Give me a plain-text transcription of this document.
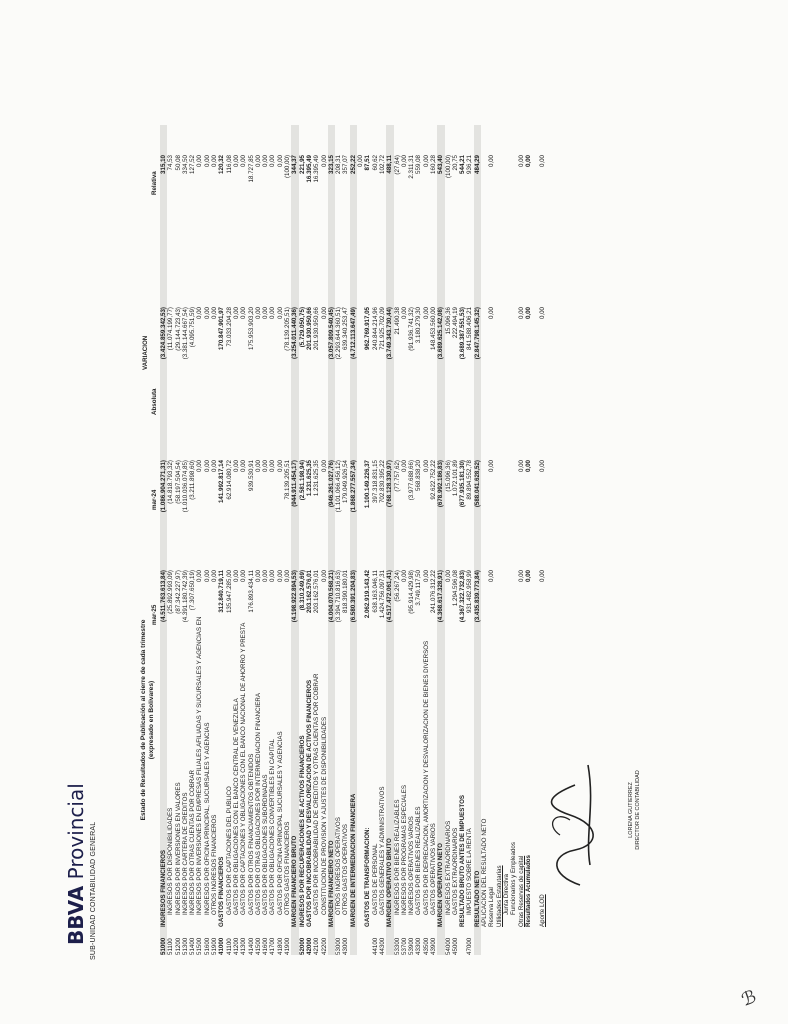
BBVA Provincial SUB-UNIDAD CONTABILIDAD GENERAL
ℬ
Estado de Resultados de Publicación al cierre de cada trimestre (expresado en Bolivares)
VARIACION
Absoluta
Relativa
mar-25
mar-24
51000
INGRESOS FINANCIEROS
(4.511.763.613,84)
(1.086.904.271,31)
(3.424.859.342,53)
315,10
51100
INGRESOS POR DISPONIBILIDADES
(25.892.993,09)
(14.818.793,32)
(11.074.199,77)
74,53
51200
INGRESOS POR INVERSIONES EN VALORES
(87.342.227,97)
(58.197.504,54)
(29.144.723,43)
50,08
51300
INGRESOS POR CARTERA DE CREDITOS
(4.391.180.742,39)
(1.010.036.074,85)
(3.381.144.667,54)
334,50
51400
INGRESOS POR OTRAS CUENTAS POR COBRAR
(7.307.650,19)
(3.211.898,60)
(4.095.751,59)
127,52
51500
INGRESOS POR INVERSIONES EN EMPRESAS FILIALES,AFILIADAS Y SUCURSALES Y AGENCIAS EN
0,00
0,00
0,00
0,00
51600
INGRESOS POR OFICINA PRINCIPAL, SUCURSALES Y AGENCIAS
0,00
0,00
0,00
0,00
51900
OTROS INGRESOS FINANCIEROS
0,00
0,00
0,00
0,00
41000
GASTOS FINANCIEROS
312.840.719,11
141.992.817,14
170.847.901,97
120,32
41100
GASTOS POR CAPTACIONES DEL PUBLICO
135.947.285,00
62.914.080,72
73.033.204,28
116,08
41200
GASTOS POR OBLIGACIONES CON EL BANCO CENTRAL DE VENEZUELA
0,00
0,00
0,00
0,00
41300
GASTOS POR CAPTACIONES Y OBLIGACIONES CON EL BANCO NACIONAL DE AHORRO Y PRESTA
0,00
0,00
0,00
0,00
41400
GASTOS POR OTROS FINANCIAMIENTOS OBTENIDOS
176.893.434,11
939.530,91
175.953.903,20
18.727,85
41500
GASTOS POR OTRAS OBLIGACIONES POR INTERMEDIACION FINANCIERA
0,00
0,00
0,00
0,00
41600
GASTOS POR OBLIGACIONES SUBORDINADAS
0,00
0,00
0,00
0,00
41700
GASTOS POR OBLIGACIONES CONVERTIBLES EN CAPITAL
0,00
0,00
0,00
0,00
41800
GASTOS POR OFICINA PRINCIPAL SUCURSALES Y AGENCIAS
0,00
0,00
0,00
0,00
41900
OTROS GASTOS FINANCIEROS
0,00
78.139.205,51
(78.139.205,51)
(100,00)
MARGEN FINANCIERO BRUTO
(4.198.922.894,53)
(944.911.454,17)
(3.254.011.440,36)
344,37
52000
INGRESOS POR RECUPERACIONES DE ACTIVOS FINANCIEROS
(8.310.249,69)
(2.581.198,94)
(5.729.050,75)
221,95
42000
GASTOS POR INCOBRABILIDAD Y DESVALORIZACION DE ACTIVOS FINANCIEROS
203.162.576,01
1.231.625,35
201.930.950,66
16.395,49
42100
GASTOS POR INCOBRABILIDAD DE CREDITOS Y OTRAS CUENTAS POR COBRAR
203.162.576,01
1.231.625,35
201.930.950,66
16.395,49
42200
CONSTITUCIÓN DE PROVISIÓN Y AJUSTES DE DISPONIBILIDADES
0,00
0,00
0,00
0,00
MARGEN FINANCIERO NETO
(4.004.070.568,21)
(946.261.027,76)
(3.057.809.540,45)
323,15
53000
OTROS INGRESOS OPERATIVOS
(3.394.710.816,63)
(1.101.066.456,12)
(2.293.644.360,51)
208,31
43000
OTROS GASTOS OPERATIVOS
818.390.180,01
179.049.926,54
639.340.253,47
357,07
MARGEN DE INTERMEDIACION FINANCIERA
(6.580.391.204,83)
(1.868.277.557,34)
(4.712.113.647,49)
252,22 0,00
GASTOS DE TRANSFORMACION:
2.062.919.143,42
1.100.149.226,37
962.769.917,05
87,51
44100
GASTOS DE PERSONAL
638.163.046,11
397.318.831,15
240.844.214,96
60,62
44300
GASTOS GENERALES Y ADMINISTRATIVOS
1.424.756.097,31
702.830.395,22
721.925.702,09
102,72
MARGEN OPERATIVO BRUTO
(4.517.472.061,41)
(768.128.330,97)
(3.749.343.730,44)
488,11
53300
INGRESOS POR BIENES REALIZABLES
(56.267,24)
(77.757,62)
21.490,38
(27,64)
53700
INGRESOS POR PROGRAMAS ESPECIALES
0,00
0,00
0,00
0,00
53900
INGRESOS OPERATIVOS VARIOS
(95.914.429,98)
(3.977.688,66)
(91.936.741,32)
2.311,31
43300
GASTOS POR BIENES REALIZABLES
3.749.117,50
568.838,20
3.180.279,30
559,08
43500
GASTOS POR DEPRECIACION, AMORTIZACIÓN Y DESVALORIZACIÓN DE BIENES DIVERSOS
0,00
0,00
0,00
0,00
43900
GASTOS OPERATIVOS VARIOS
241.076.312,22
92.622.752,22
148.453.560,00
160,28
MARGEN OPERATIVO NETO
(4.368.617.328,91)
(678.992.186,83)
(3.689.625.142,08)
543,40
54000
INGRESOS EXTRAORDINARIOS
0,00
(15.096,36)
15.096,36
(100,00)
45000
GASTOS EXTRAORDINARIOS
1.294.596,08
1.072.101,89
222.494,19
20,75
RESULTADO BRUTO ANTES DE IMPUESTOS
(4.367.322.732,83)
(677.935.181,30)
(3.689.387.551,53)
544,21
47000
IMPUESTO SOBRE LA RENTA
931.482.958,99
89.894.552,78
841.588.406,21
936,21
RESULTADO NETO
(3.435.839.773,84)
(588.041.628,52)
(2.847.798.145,32)
484,29
APLICACION DEL RESULTADO NETO Reserva Legal
0,00
0,00
0,00
0,00
Utilidades Estatutarias Junta Directiva Funcionarios y Empleados Otras Reservas de capital
0,00
0,00
0,00
0,00
Resultados Acumulados
0,00
0,00
0,00
0,00
Aporte LOD
0,00
0,00
0,00
0,00
LORENA GUTIERREZ DIRECTOR DE CONTABILIDAD
